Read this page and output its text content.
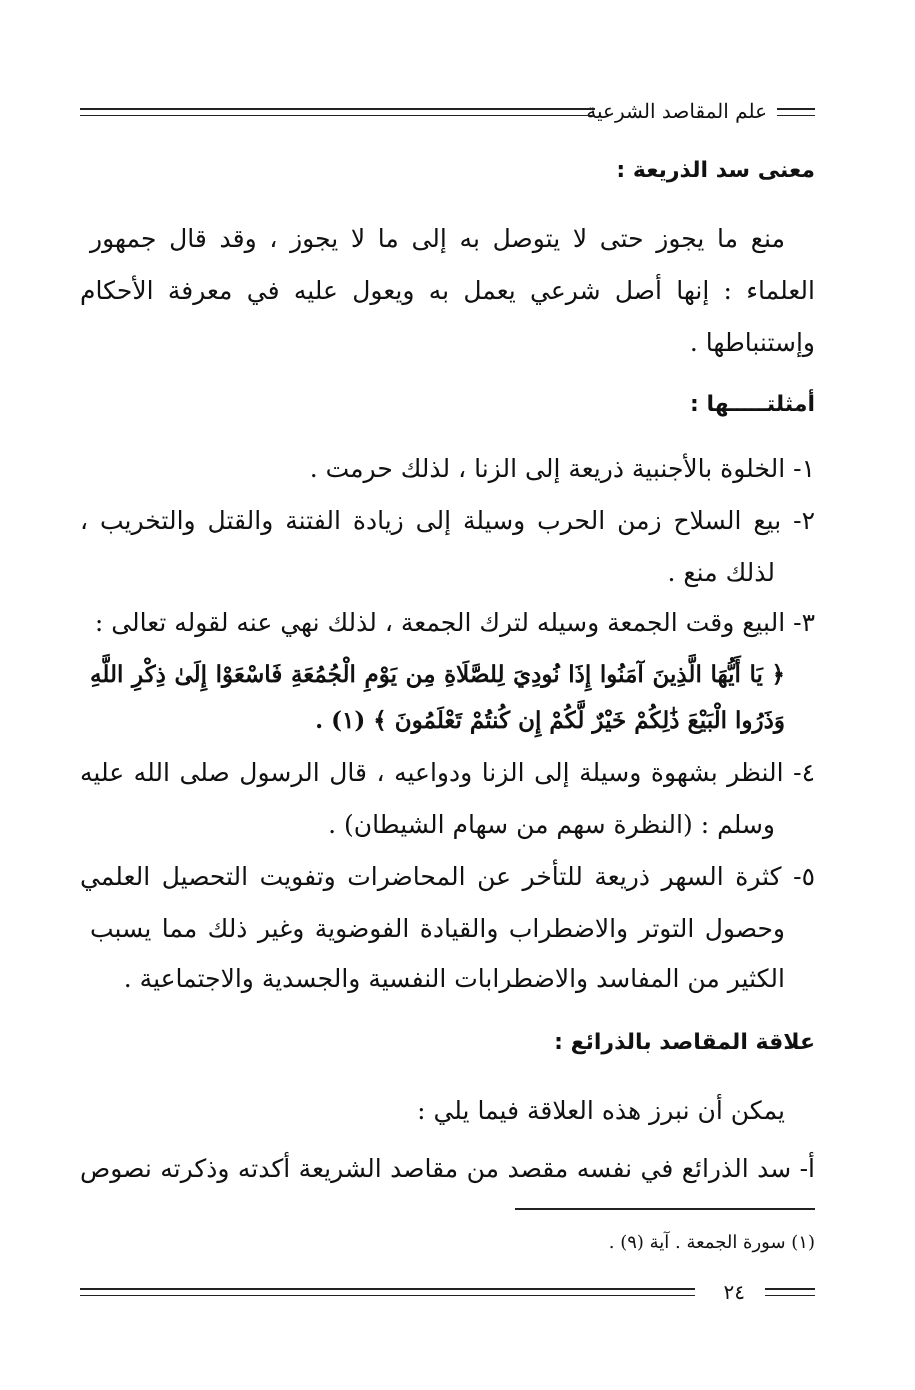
علم المقاصد الشرعية
معنى سد الذريعة :
منع ما يجوز حتى لا يتوصل به إلى ما لا يجوز ، وقد قال جمهور
العلماء : إنها أصل شرعي يعمل به ويعول عليه في معرفة الأحكام
وإستنباطها .
أمثلتـــــها :
١- الخلوة بالأجنبية ذريعة إلى الزنا ، لذلك حرمت .
٢- بيع السلاح زمن الحرب وسيلة إلى زيادة الفتنة والقتل والتخريب ،
لذلك منع .
٣- البيع وقت الجمعة وسيله لترك الجمعة ، لذلك نهي عنه لقوله تعالى :
﴿ يَا أَيُّهَا الَّذِينَ آمَنُوا إِذَا نُودِيَ لِلصَّلَاةِ مِن يَوْمِ الْجُمُعَةِ فَاسْعَوْا إِلَىٰ ذِكْرِ اللَّهِ
وَذَرُوا الْبَيْعَ ذَٰلِكُمْ خَيْرٌ لَّكُمْ إِن كُنتُمْ تَعْلَمُونَ ﴾ (١) .
٤- النظر بشهوة وسيلة إلى الزنا ودواعيه ، قال الرسول صلى الله عليه
وسلم : (النظرة سهم من سهام الشيطان) .
٥- كثرة السهر ذريعة للتأخر عن المحاضرات وتفويت التحصيل العلمي
وحصول التوتر والاضطراب والقيادة الفوضوية وغير ذلك مما يسبب
الكثير من المفاسد والاضطرابات النفسية والجسدية والاجتماعية .
علاقة المقاصد بالذرائع :
يمكن أن نبرز هذه العلاقة فيما يلي :
أ- سد الذرائع في نفسه مقصد من مقاصد الشريعة أكدته وذكرته نصوص
(١) سورة الجمعة . آية (٩) .
٢٤
